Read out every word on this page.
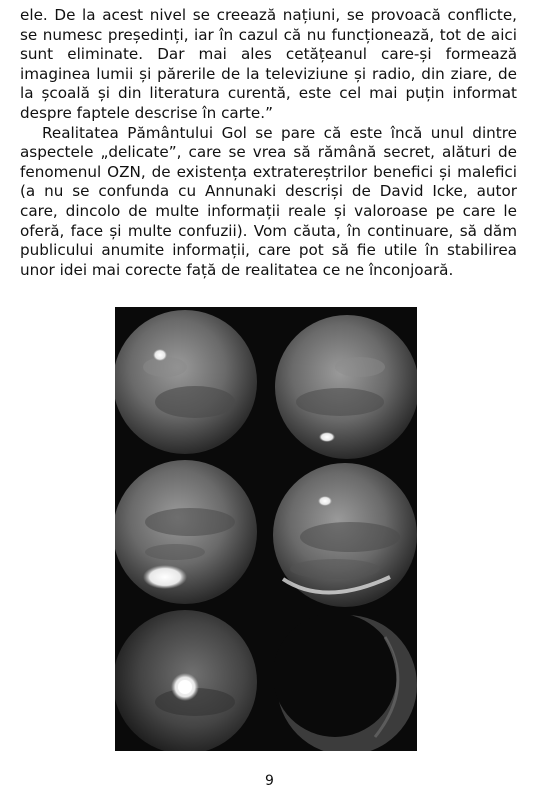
ele. De la acest nivel se creează națiuni, se provoacă conflicte, se numesc președinți, iar în cazul că nu funcționează, tot de aici sunt eliminate. Dar mai ales cetățeanul care-și formează imaginea lumii și părerile de la televiziune și radio, din ziare, de la școală și din literatura curentă, este cel mai puțin informat despre faptele descrise în carte.”

Realitatea Pământului Gol se pare că este încă unul dintre aspectele „delicate”, care se vrea să rămână secret, alături de fenomenul OZN, de existența extratereștrilor benefici și malefici (a nu se confunda cu Annunaki descriși de David Icke, autor care, dincolo de multe informații reale și valoroase pe care le oferă, face și multe confuzii). Vom căuta, în continuare, să dăm publicului anumite informații, care pot să fie utile în stabilirea unor idei mai corecte față de realitatea ce ne înconjoară.

9
